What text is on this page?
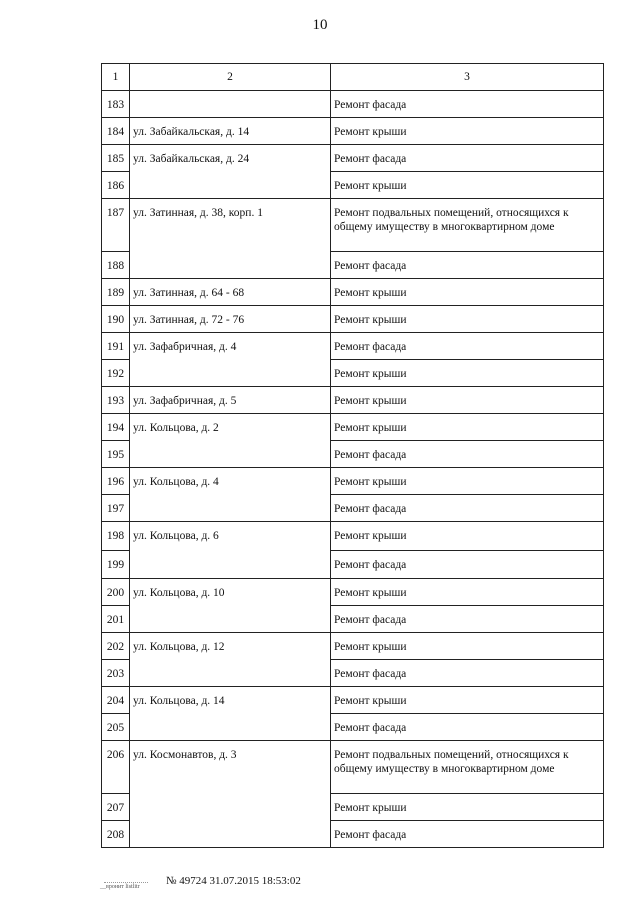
10
1	2	3
183		Ремонт фасада
184	ул. Забайкальская, д. 14	Ремонт крыши
185	ул. Забайкальская, д. 24	Ремонт фасада
186		Ремонт крыши
187	ул. Затинная, д. 38, корп. 1	Ремонт подвальных помещений, относящихся к общему имуществу в многоквартирном доме
188		Ремонт фасада
189	ул. Затинная, д. 64 - 68	Ремонт крыши
190	ул. Затинная, д. 72 - 76	Ремонт крыши
191	ул. Зафабричная, д. 4	Ремонт фасада
192		Ремонт крыши
193	ул. Зафабричная, д. 5	Ремонт крыши
194	ул. Кольцова, д. 2	Ремонт крыши
195		Ремонт фасада
196	ул. Кольцова, д. 4	Ремонт крыши
197		Ремонт фасада
198	ул. Кольцова, д. 6	Ремонт крыши
199		Ремонт фасада
200	ул. Кольцова, д. 10	Ремонт крыши
201		Ремонт фасада
202	ул. Кольцова, д. 12	Ремонт крыши
203		Ремонт фасада
204	ул. Кольцова, д. 14	Ремонт крыши
205		Ремонт фасада
206	ул. Космонавтов, д. 3	Ремонт подвальных помещений, относящихся к общему имуществу в многоквартирном доме
207		Ремонт крыши
208		Ремонт фасада
__вронит listlitr № 49724 31.07.2015 18:53:02
